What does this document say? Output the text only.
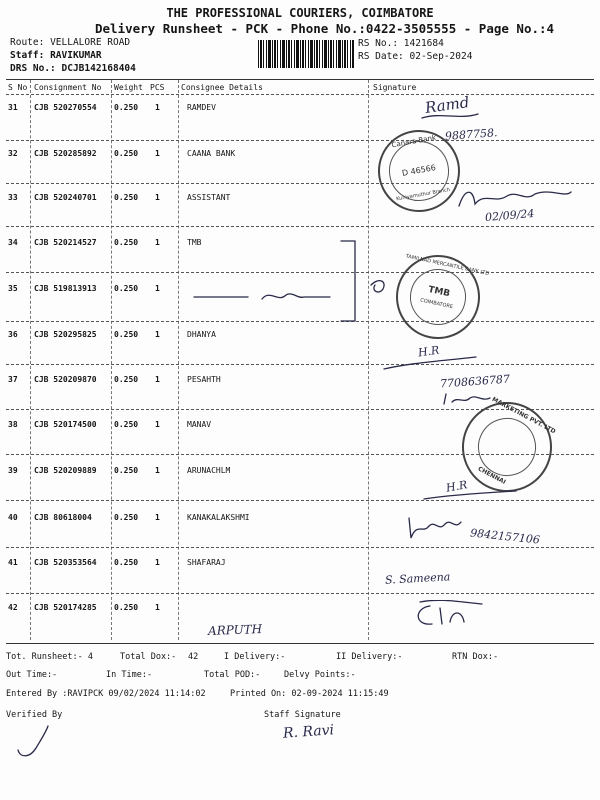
THE PROFESSIONAL COURIERS, COIMBATORE
Delivery Runsheet - PCK - Phone No.:0422-3505555 - Page No.:4
Route: VELLALORE ROAD
Staff: RAVIKUMAR
DRS No.: DCJB142168404
RS No.: 1421684
RS Date: 02-Sep-2024
S No Consignment No Weight PCS Consignee Details	Signature
31 CJB 520270554 0.250 1	RAMDEV
32 CJB 520285892 0.250 1	CAANA BANK
33 CJB 520240701 0.250 1	ASSISTANT
34 CJB 520214527 0.250 1	TMB
35 CJB 519813913 0.250 1
36 CJB 520295825 0.250 1	DHANYA
37 CJB 520209870 0.250 1	PESAHTH
38 CJB 520174500 0.250 1	MANAV
39 CJB 520209889 0.250 1	ARUNACHLM
40 CJB 80618004	0.250 1	KANAKALAKSHMI
41 CJB 520353564 0.250 1	SHAFARAJ
42 CJB 520174285 0.250 1
Ramd
9887758.
Canara Bank
D 46566
Kuniyamuthur Branch
02/09/24
TAMILNAD MERCANTILE BANK LTD
TMB
COIMBATORE
H.R
7708636787
MARKETING PVT. LTD
CHENNAI
H.R
9842157106
S. Sameena
ARPUTH
Tot. Runsheet:- 4	Total Dox:- 42	I Delivery:-	II Delivery:-	RTN Dox:-
Out Time:-	In Time:-	Total POD:-	Delvy Points:-
Entered By :RAVIPCK 09/02/2024 11:14:02	Printed On: 02-09-2024 11:15:49
Verified By	Staff Signature
R. Ravi
